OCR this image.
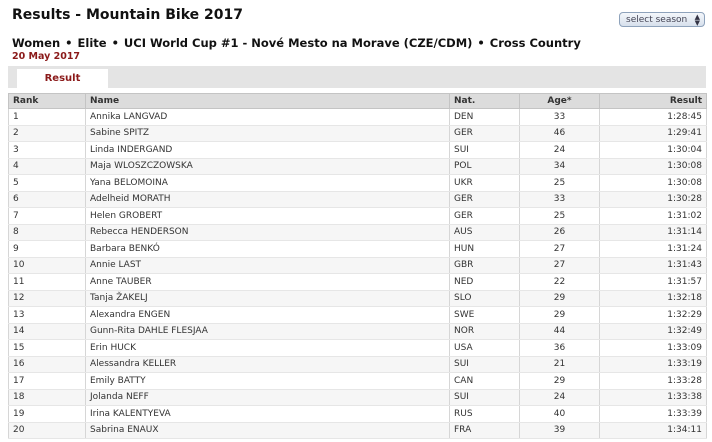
Results - Mountain Bike 2017	select season ▲
▼
Women • Elite • UCI World Cup #1 - Nové Mesto na Morave (CZE/CDM) • Cross Country
20 May 2017
Result
Rank	Name	Nat.	Age*	Result
1	Annika LANGVAD	DEN	33	1:28:45
2	Sabine SPITZ	GER	46	1:29:41
3	Linda INDERGAND	SUI	24	1:30:04
4	Maja WLOSZCZOWSKA	POL	34	1:30:08
5	Yana BELOMOINA	UKR	25	1:30:08
6	Adelheid MORATH	GER	33	1:30:28
7	Helen GROBERT	GER	25	1:31:02
8	Rebecca HENDERSON	AUS	26	1:31:14
9	Barbara BENKÓ	HUN	27	1:31:24
10	Annie LAST	GBR	27	1:31:43
11	Anne TAUBER	NED	22	1:31:57
12	Tanja ŽAKELJ	SLO	29	1:32:18
13	Alexandra ENGEN	SWE	29	1:32:29
14	Gunn-Rita DAHLE FLESJAA	NOR	44	1:32:49
15	Erin HUCK	USA	36	1:33:09
16	Alessandra KELLER	SUI	21	1:33:19
17	Emily BATTY	CAN	29	1:33:28
18	Jolanda NEFF	SUI	24	1:33:38
19	Irina KALENTYEVA	RUS	40	1:33:39
20	Sabrina ENAUX	FRA	39	1:34:11
